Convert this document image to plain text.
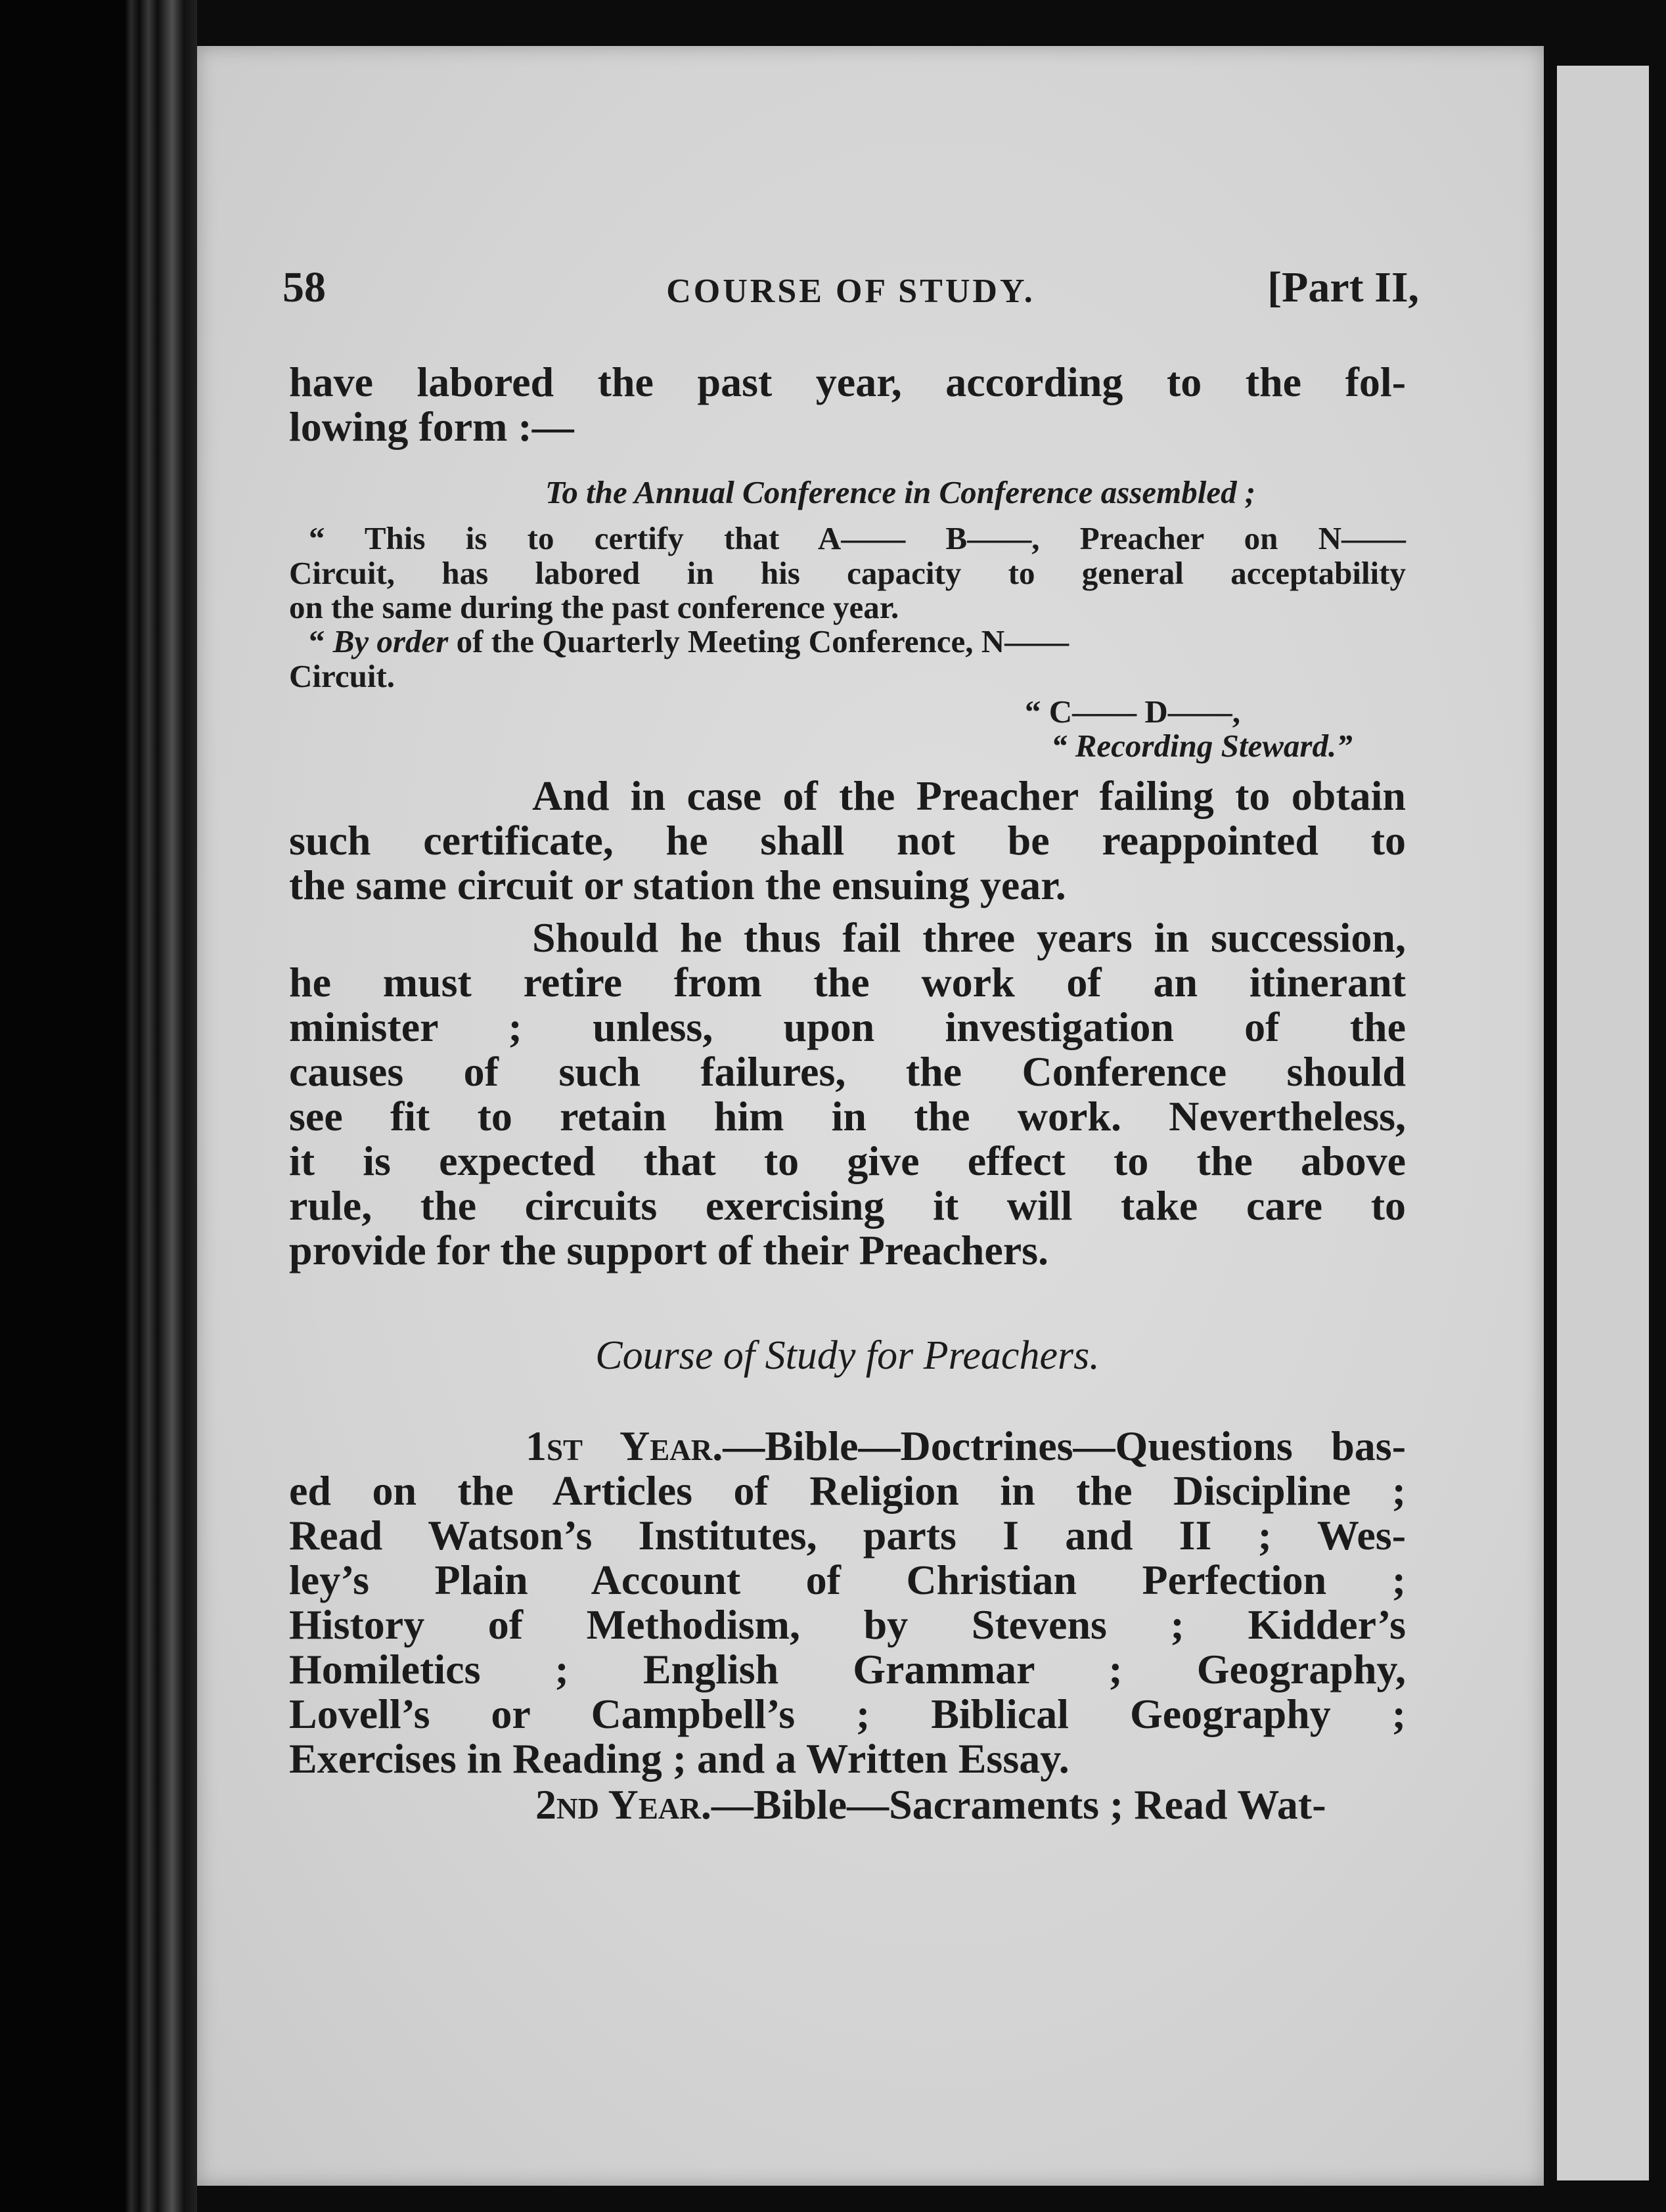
58	COURSE OF STUDY.	[Part II,
have labored the past year, according to the fol-
lowing form :—
To the Annual Conference in Conference assembled ;
“ This is to certify that A—— B——, Preacher on N——
Circuit, has labored in his capacity to general acceptability
on the same during the past conference year.
“ By order of the Quarterly Meeting Conference, N——
Circuit.
“ C—— D——,
“ Recording Steward.”
And in case of the Preacher failing to obtain
such certificate, he shall not be reappointed to
the same circuit or station the ensuing year.
Should he thus fail three years in succession,
he must retire from the work of an itinerant
minister ; unless, upon investigation of the
causes of such failures, the Conference should
see fit to retain him in the work. Nevertheless,
it is expected that to give effect to the above
rule, the circuits exercising it will take care to
provide for the support of their Preachers.
Course of Study for Preachers.
1st Year.—Bible—Doctrines—Questions bas-
ed on the Articles of Religion in the Discipline ;
Read Watson’s Institutes, parts I and II ; Wes-
ley’s Plain Account of Christian Perfection ;
History of Methodism, by Stevens ; Kidder’s
Homiletics ; English Grammar ; Geography,
Lovell’s or Campbell’s ; Biblical Geography ;
Exercises in Reading ; and a Written Essay.
2nd Year.—Bible—Sacraments ; Read Wat-
